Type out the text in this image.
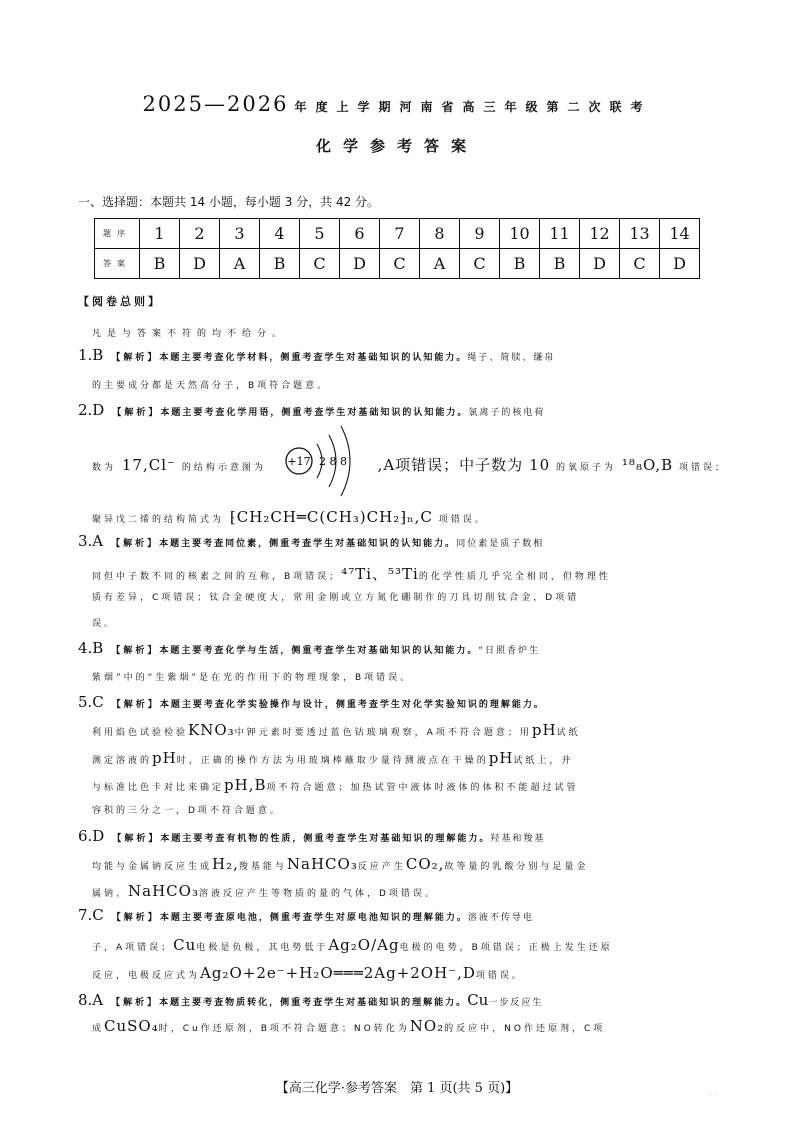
2025—2026 年度上学期河南省高三年级第二次联考
化学参考答案
一、选择题：本题共 14 小题，每小题 3 分，共 42 分。
题序	1	2	3	4	5	6	7	8	9	10	11	12	13	14
答案	B	D	A	B	C	D	C	A	C	B	B	D	C	D
【阅卷总则】
凡是与答案不符的均不给分。
1.B 【解析】本题主要考查化学材料，侧重考查学生对基础知识的认知能力。绳子、简牍、缣帛
的主要成分都是天然高分子，B项符合题意。
2.D 【解析】本题主要考查化学用语，侧重考查学生对基础知识的认知能力。氯离子的核电荷
数为 17,Cl⁻ 的结构示意图为	,A项错误；中子数为 10 的氧原子为 ¹⁸₈O,B 项错误；
+17 2 8 8
聚异戊二烯的结构简式为 ⁅CH₂CH═C(CH₃)CH₂⁆ₙ,C 项错误。
3.A 【解析】本题主要考查同位素，侧重考查学生对基础知识的认知能力。同位素是质子数相
同但中子数不同的核素之间的互称，B项错误；⁴⁷Ti、⁵³Ti的化学性质几乎完全相同，但物理性
质有差异，C项错误；钛合金硬度大，常用金刚或立方氮化硼制作的刀具切削钛合金，D项错
误。
4.B 【解析】本题主要考查化学与生活，侧重考查学生对基础知识的认知能力。“日照香炉生
紫烟”中的“生紫烟”是在光的作用下的物理现象，B项错误。
5.C 【解析】本题主要考查化学实验操作与设计，侧重考查学生对化学实验知识的理解能力。
利用焰色试验检验KNO₃中钾元素时要透过蓝色钴玻璃观察，A项不符合题意；用pH试纸
测定溶液的pH时，正确的操作方法为用玻璃棒蘸取少量待测液点在干燥的pH试纸上，并
与标准比色卡对比来确定pH,B项不符合题意；加热试管中液体时液体的体积不能超过试管
容积的三分之一，D项不符合题意。
6.D 【解析】本题主要考查有机物的性质，侧重考查学生对基础知识的理解能力。羟基和羧基
均能与金属钠反应生成H₂,羧基能与NaHCO₃反应产生CO₂,故等量的乳酸分别与足量金
属钠、NaHCO₃溶液反应产生等物质的量的气体，D项错误。
7.C 【解析】本题主要考查原电池，侧重考查学生对原电池知识的理解能力。溶液不传导电
子，A项错误；Cu电极是负极，其电势低于Ag₂O/Ag电极的电势，B项错误；正极上发生还原
反应，电极反应式为Ag₂O+2e⁻+H₂O═══2Ag+2OH⁻,D项错误。
8.A 【解析】本题主要考查物质转化，侧重考查学生对基础知识的理解能力。Cu一步反应生
成CuSO₄时，Cu作还原剂，B项不符合题意；NO转化为NO₂的反应中，NO作还原剂，C项
【高三化学·参考答案　第 1 页(共 5 页)】	· ·
